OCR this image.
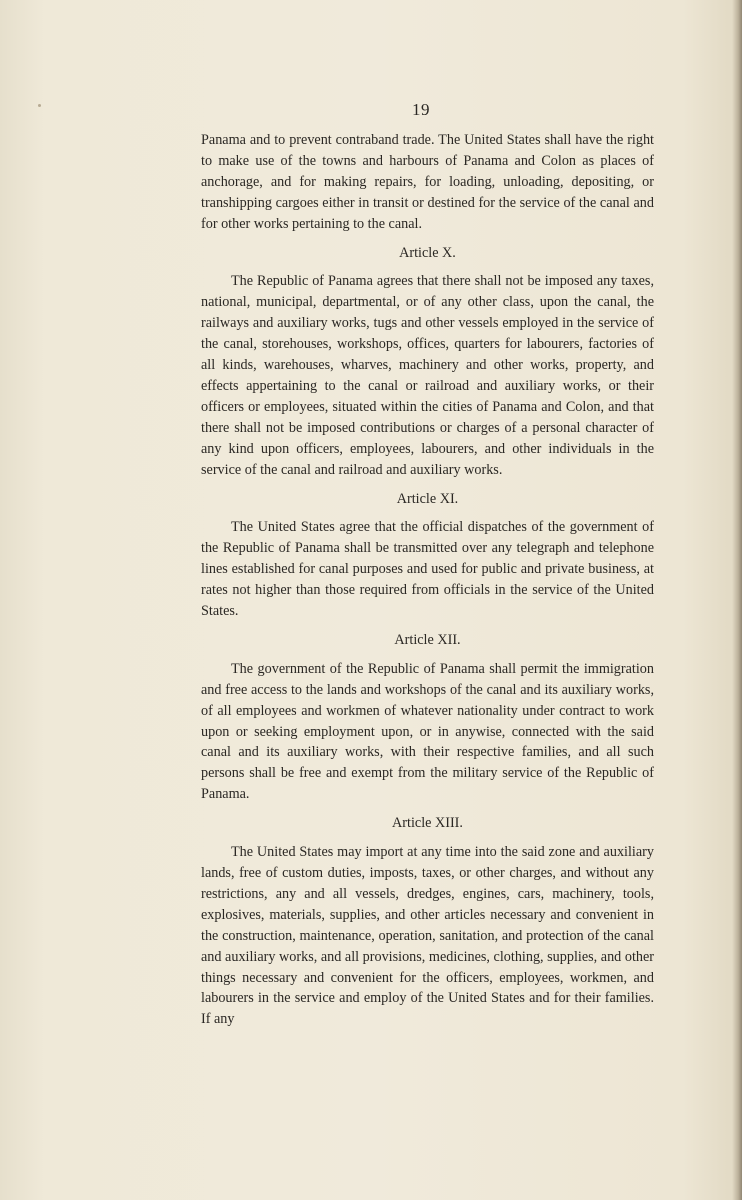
19

Panama and to prevent contraband trade. The United States shall have the right to make use of the towns and harbours of Panama and Colon as places of anchorage, and for making repairs, for loading, unloading, depositing, or transhipping cargoes either in transit or destined for the service of the canal and for other works pertaining to the canal.

Article X.

The Republic of Panama agrees that there shall not be imposed any taxes, national, municipal, departmental, or of any other class, upon the canal, the railways and auxiliary works, tugs and other vessels employed in the service of the canal, storehouses, workshops, offices, quarters for labourers, factories of all kinds, warehouses, wharves, machinery and other works, property, and effects appertaining to the canal or railroad and auxiliary works, or their officers or employees, situated within the cities of Panama and Colon, and that there shall not be imposed contributions or charges of a personal character of any kind upon officers, employees, labourers, and other individuals in the service of the canal and railroad and auxiliary works.

Article XI.

The United States agree that the official dispatches of the government of the Republic of Panama shall be transmitted over any telegraph and telephone lines established for canal purposes and used for public and private business, at rates not higher than those required from officials in the service of the United States.

Article XII.

The government of the Republic of Panama shall permit the immigration and free access to the lands and workshops of the canal and its auxiliary works, of all employees and workmen of whatever nationality under contract to work upon or seeking employment upon, or in anywise, connected with the said canal and its auxiliary works, with their respective families, and all such persons shall be free and exempt from the military service of the Republic of Panama.

Article XIII.

The United States may import at any time into the said zone and auxiliary lands, free of custom duties, imposts, taxes, or other charges, and without any restrictions, any and all vessels, dredges, engines, cars, machinery, tools, explosives, materials, supplies, and other articles necessary and convenient in the construction, maintenance, operation, sanitation, and protection of the canal and auxiliary works, and all provisions, medicines, clothing, supplies, and other things necessary and convenient for the officers, employees, workmen, and labourers in the service and employ of the United States and for their families. If any
